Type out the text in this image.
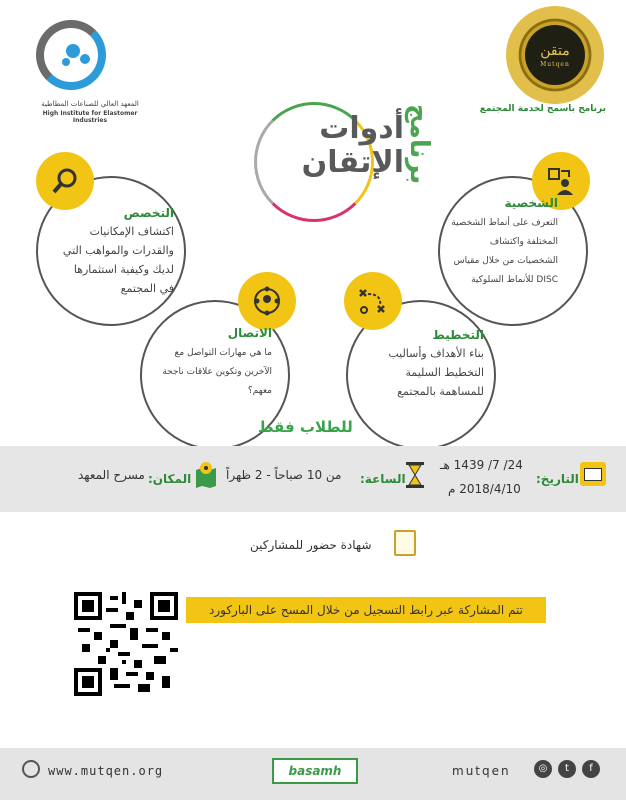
متقن
Mutqen
برنامج باسمح لخدمة المجتمع
المعهد العالي للصناعات المطاطية
High Institute for Elastomer Industries	أدوات
الإتقان برنامج
التخصص
اكتشاف الإمكانيات والقدرات والمواهب التي لديك وكيفية استثمارها في المجتمع
الشخصية
التعرف على أنماط الشخصية المختلفة واكتشاف الشخصيات من خلال مقياس DISC للأنماط السلوكية
الاتصال
ما هي مهارات التواصل مع الآخرين وتكوين علاقات ناجحة معهم؟
التخطيط
بناء الأهداف وأساليب التخطيط السليمة للمساهمة بالمجتمع
للطلاب فقط
التاريخ:
24/ 7/ 1439 هـ
2018/4/10 م
الساعة:
من 10 صباحاً - 2 ظهراً
المكان:
مسرح المعهد
شهادة حضور للمشاركين
تتم المشاركة عبر رابط التسجيل من خلال المسح على الباركورد
www.mutqen.org	basamh	mutqen	◎	t	f
